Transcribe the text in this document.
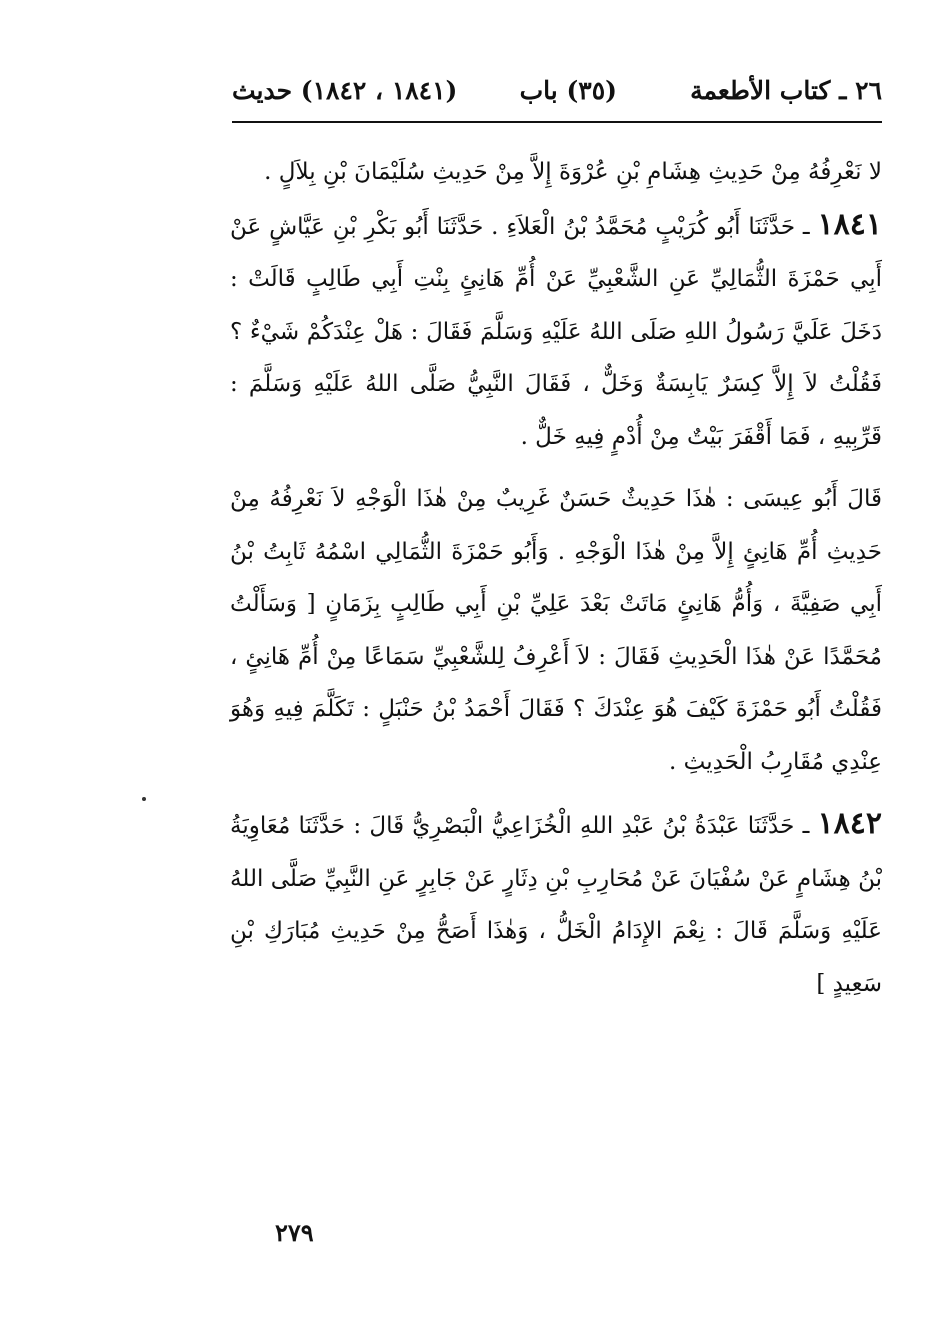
٢٦ ـ كتاب الأطعمة
(٣٥) باب
(١٨٤١ ، ١٨٤٢) حديث

لا نَعْرِفُهُ مِنْ حَدِيثِ هِشَامِ بْنِ عُرْوَةَ إِلاَّ مِنْ حَدِيثِ سُلَيْمَانَ بْنِ بِلاَلٍ .

١٨٤١ ـ حَدَّثَنَا أَبُو كُرَيْبٍ مُحَمَّدُ بْنُ الْعَلاَءِ . حَدَّثَنَا أَبُو بَكْرِ بْنِ عَيَّاشٍ عَنْ أَبِي حَمْزَةَ الثُّمَالِيِّ عَنِ الشَّعْبِيِّ عَنْ أُمِّ هَانِئٍ بِنْتِ أَبِي طَالِبٍ قَالَتْ : دَخَلَ عَلَيَّ رَسُولُ اللهِ صَلَى اللهُ عَلَيْهِ وَسَلَّمَ فَقَالَ : هَلْ عِنْدَكُمْ شَيْءٌ ؟ فَقُلْتُ لاَ إِلاَّ كِسَرٌ يَابِسَةٌ وَخَلٌّ ، فَقَالَ النَّبِيُّ صَلَّى اللهُ عَلَيْهِ وَسَلَّمَ : قَرِّبِيهِ ، فَمَا أَقْفَرَ بَيْتٌ مِنْ أُدْمٍ فِيهِ خَلٌّ .

قَالَ أَبُو عِيسَى : هٰذَا حَدِيثٌ حَسَنٌ غَرِيبٌ مِنْ هٰذَا الْوَجْهِ لاَ نَعْرِفُهُ مِنْ حَدِيثِ أُمِّ هَانِئٍ إِلاَّ مِنْ هٰذَا الْوَجْهِ . وَأَبُو حَمْزَةَ الثُّمَالِي اسْمُهُ ثَابِتُ بْنُ أَبِي صَفِيَّةَ ، وَأُمُّ هَانِئٍ مَاتَتْ بَعْدَ عَلِيِّ بْنِ أَبِي طَالِبٍ بِزَمَانٍ [ وَسَأَلْتُ مُحَمَّدًا عَنْ هٰذَا الْحَدِيثِ فَقَالَ : لاَ أَعْرِفُ لِلشَّعْبِيِّ سَمَاعًا مِنْ أُمِّ هَانِئٍ ، فَقُلْتُ أَبُو حَمْزَةَ كَيْفَ هُوَ عِنْدَكَ ؟ فَقَالَ أَحْمَدُ بْنُ حَنْبَلٍ : تَكَلَّمَ فِيهِ وَهُوَ عِنْدِي مُقَارِبُ الْحَدِيثِ .

١٨٤٢ ـ حَدَّثَنَا عَبْدَةُ بْنُ عَبْدِ اللهِ الْخُزَاعِيُّ الْبَصْرِيُّ قَالَ : حَدَّثَنَا مُعَاوِيَةُ بْنُ هِشَامٍ عَنْ سُفْيَانَ عَنْ مُحَارِبِ بْنِ دِثَارٍ عَنْ جَابِرٍ عَنِ النَّبِيِّ صَلَّى اللهُ عَلَيْهِ وَسَلَّمَ قَالَ : نِعْمَ الإِدَامُ الْخَلُّ ، وَهٰذَا أَصَحُّ مِنْ حَدِيثِ مُبَارَكِ بْنِ سَعِيدٍ ]

٢٧٩
